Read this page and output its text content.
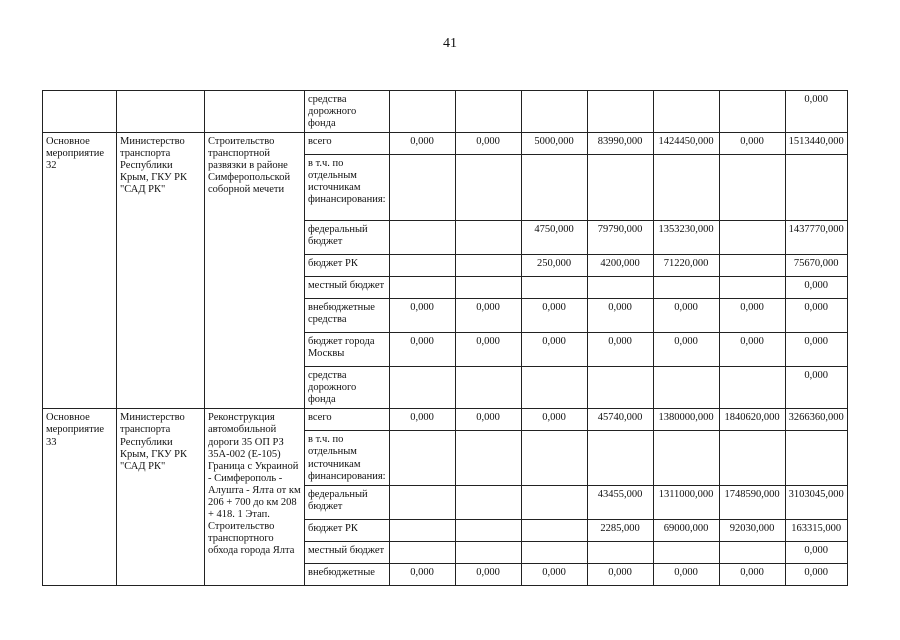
41
			средства дорожного фонда							0,000
Основное мероприятие 32	Министерство транспорта Республики Крым, ГКУ РК "САД РК"	Строительство транспортной развязки в районе Симферопольской соборной мечети	всего	0,000	0,000	5000,000	83990,000	1424450,000	0,000	1513440,000
			в т.ч. по отдельным источникам финансирования:							
			федеральный бюджет			4750,000	79790,000	1353230,000		1437770,000
			бюджет РК			250,000	4200,000	71220,000		75670,000
			местный бюджет							0,000
			внебюджетные средства	0,000	0,000	0,000	0,000	0,000	0,000	0,000
			бюджет города Москвы	0,000	0,000	0,000	0,000	0,000	0,000	0,000
			средства дорожного фонда							0,000
Основное мероприятие 33	Министерство транспорта Республики Крым, ГКУ РК "САД РК"	Реконструкция автомобильной дороги 35 ОП РЗ 35А-002 (Е-105) Граница с Украиной - Симферополь - Алушта - Ялта от км 206 + 700 до км 208 + 418. 1 Этап. Строительство транспортного обхода города Ялта	всего	0,000	0,000	0,000	45740,000	1380000,000	1840620,000	3266360,000
			в т.ч. по отдельным источникам финансирования:							
			федеральный бюджет				43455,000	1311000,000	1748590,000	3103045,000
			бюджет РК				2285,000	69000,000	92030,000	163315,000
			местный бюджет							0,000
			внебюджетные	0,000	0,000	0,000	0,000	0,000	0,000	0,000
